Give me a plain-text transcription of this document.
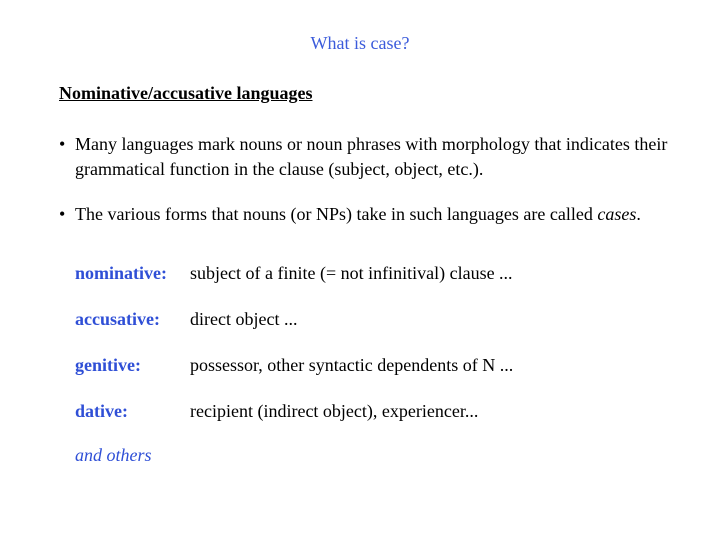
What is case?
Nominative/accusative languages
• Many languages mark nouns or noun phrases with morphology that indicates their grammatical function in the clause (subject, object, etc.).
• The various forms that nouns (or NPs) take in such languages are called cases.
nominative: subject of a finite (= not infinitival) clause ...
accusative: direct object ...
genitive:	possessor, other syntactic dependents of N ...
dative:	recipient (indirect object), experiencer...
and others
